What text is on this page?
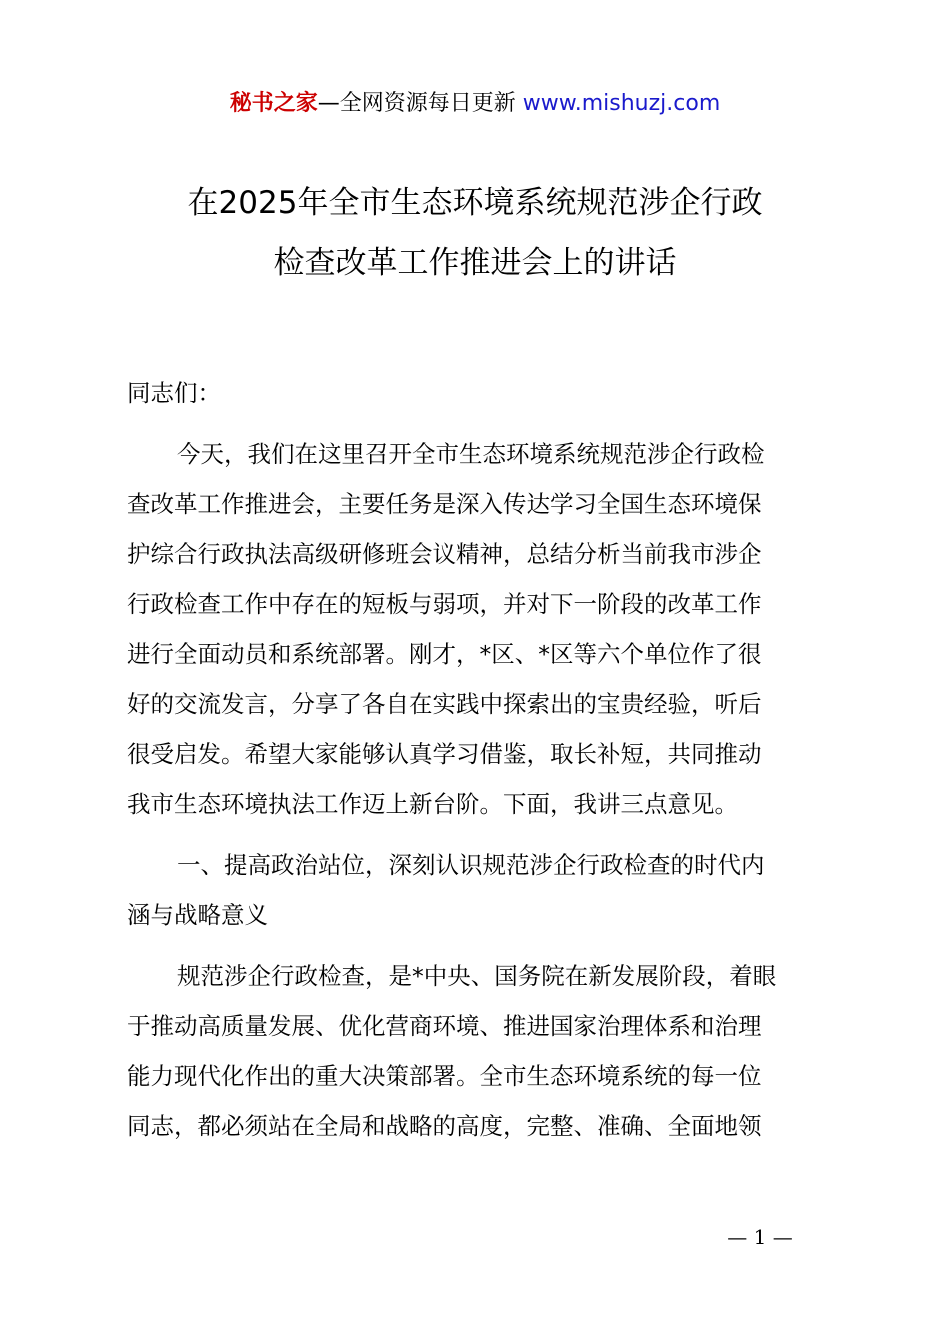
秘书之家—全网资源每日更新 www.mishuzj.com
在2025年全市生态环境系统规范涉企行政
检查改革工作推进会上的讲话
同志们：
今天，我们在这里召开全市生态环境系统规范涉企行政检
查改革工作推进会，主要任务是深入传达学习全国生态环境保
护综合行政执法高级研修班会议精神，总结分析当前我市涉企
行政检查工作中存在的短板与弱项，并对下一阶段的改革工作
进行全面动员和系统部署。刚才，*区、*区等六个单位作了很
好的交流发言，分享了各自在实践中探索出的宝贵经验，听后
很受启发。希望大家能够认真学习借鉴，取长补短，共同推动
我市生态环境执法工作迈上新台阶。下面，我讲三点意见。
一、提高政治站位，深刻认识规范涉企行政检查的时代内
涵与战略意义
规范涉企行政检查，是*中央、国务院在新发展阶段，着眼
于推动高质量发展、优化营商环境、推进国家治理体系和治理
能力现代化作出的重大决策部署。全市生态环境系统的每一位
同志，都必须站在全局和战略的高度，完整、准确、全面地领
— 1 —
